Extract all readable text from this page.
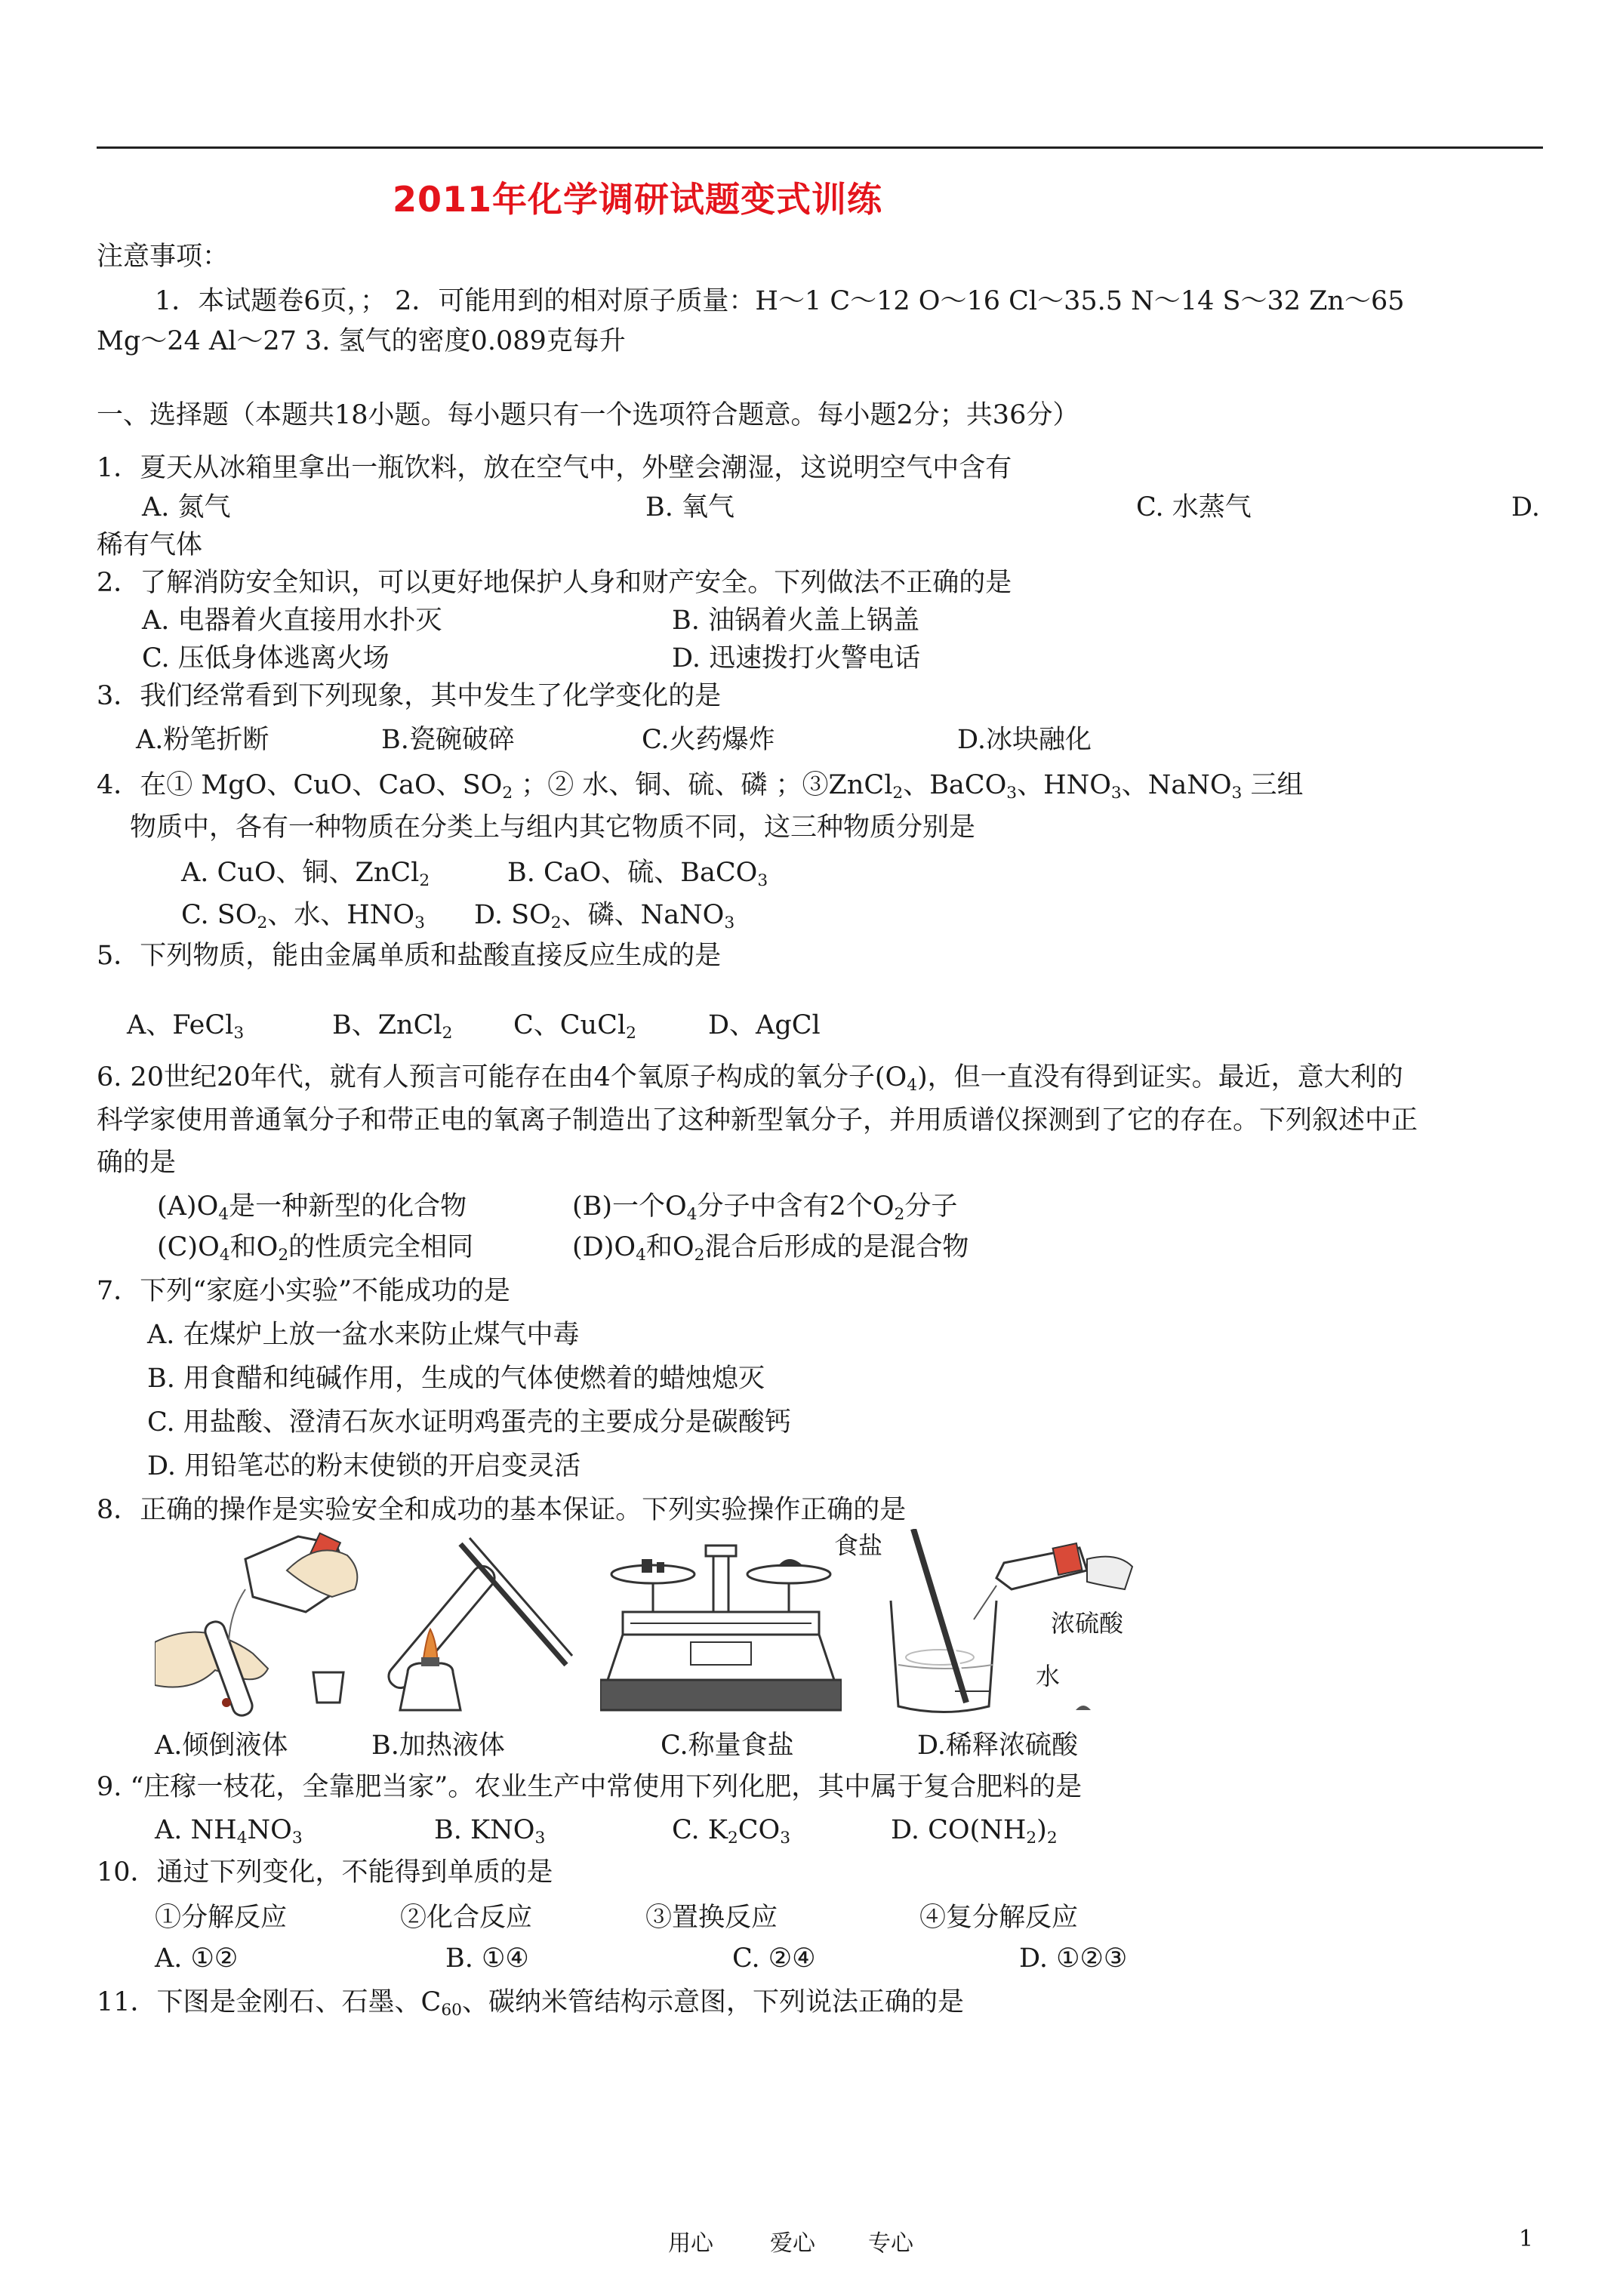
2011年化学调研试题变式训练
注意事项：
1．本试题卷6页，； 2．可能用到的相对原子质量：H～1 C～12 O～16 Cl～35.5 N～14 S～32 Zn～65
Mg～24 Al～27 3. 氢气的密度0.089克每升
一、选择题（本题共18小题。每小题只有一个选项符合题意。每小题2分；共36分）
1．夏天从冰箱里拿出一瓶饮料，放在空气中，外壁会潮湿，这说明空气中含有
A. 氮气	B. 氧气	C. 水蒸气	D.
稀有气体
2．了解消防安全知识，可以更好地保护人身和财产安全。下列做法不正确的是
A. 电器着火直接用水扑灭	B. 油锅着火盖上锅盖
C. 压低身体逃离火场	D. 迅速拨打火警电话
3．我们经常看到下列现象，其中发生了化学变化的是
A.粉笔折断	B.瓷碗破碎	C.火药爆炸	D.冰块融化
4．在① MgO、CuO、CaO、$SO_2$ ；② 水、铜、硫、磷 ；③ZnCl$_2$、BaCO$_3$、$HNO_3$、NaNO$_3$ 三组
物质中，各有一种物质在分类上与组内其它物质不同，这三种物质分别是
A. CuO、铜、ZnCl$_2$	B. CaO、硫、BaCO$_3$
C. $SO_2$、水、$HNO_3$ D. $SO_2$、磷、NaNO$_3$
5．下列物质，能由金属单质和盐酸直接反应生成的是
A、FeCl$_3$	B、ZnCl$_2$ C、CuCl$_2$	D、AgCl
6. 20世纪20年代，就有人预言可能存在由4个氧原子构成的氧分子$(O_4)$，但一直没有得到证实。最近，意大利的
科学家使用普通氧分子和带正电的氧离子制造出了这种新型氧分子，并用质谱仪探测到了它的存在。下列叙述中正
确的是
$(A)O_4$是一种新型的化合物	(B)一个$O_4$分子中含有2个$O_2$分子
$(C)O_4$和$O_2$的性质完全相同	$(D)O_4$和$O_2$混合后形成的是混合物
7．下列“家庭小实验”不能成功的是
A. 在煤炉上放一盆水来防止煤气中毒
B. 用食醋和纯碱作用，生成的气体使燃着的蜡烛熄灭
C. 用盐酸、澄清石灰水证明鸡蛋壳的主要成分是碳酸钙
D. 用铅笔芯的粉末使锁的开启变灵活
8．正确的操作是实验安全和成功的基本保证。下列实验操作正确的是
食盐
浓硫酸
水
A.倾倒液体	B.加热液体	C.称量食盐	D.稀释浓硫酸
9. “庄稼一枝花，全靠肥当家”。农业生产中常使用下列化肥，其中属于复合肥料的是
A. $NH_4NO_3$	B. $KNO_3$	C. $K_2CO_3$	D. $CO(NH_2)_2$
10．通过下列变化，不能得到单质的是
①分解反应	②化合反应	③置换反应	④复分解反应
A. ①②	B. ①④	C. ②④	D. ①②③
11．下图是金刚石、石墨、$C_{60}$、碳纳米管结构示意图，下列说法正确的是
用心	爱心 专心	1
